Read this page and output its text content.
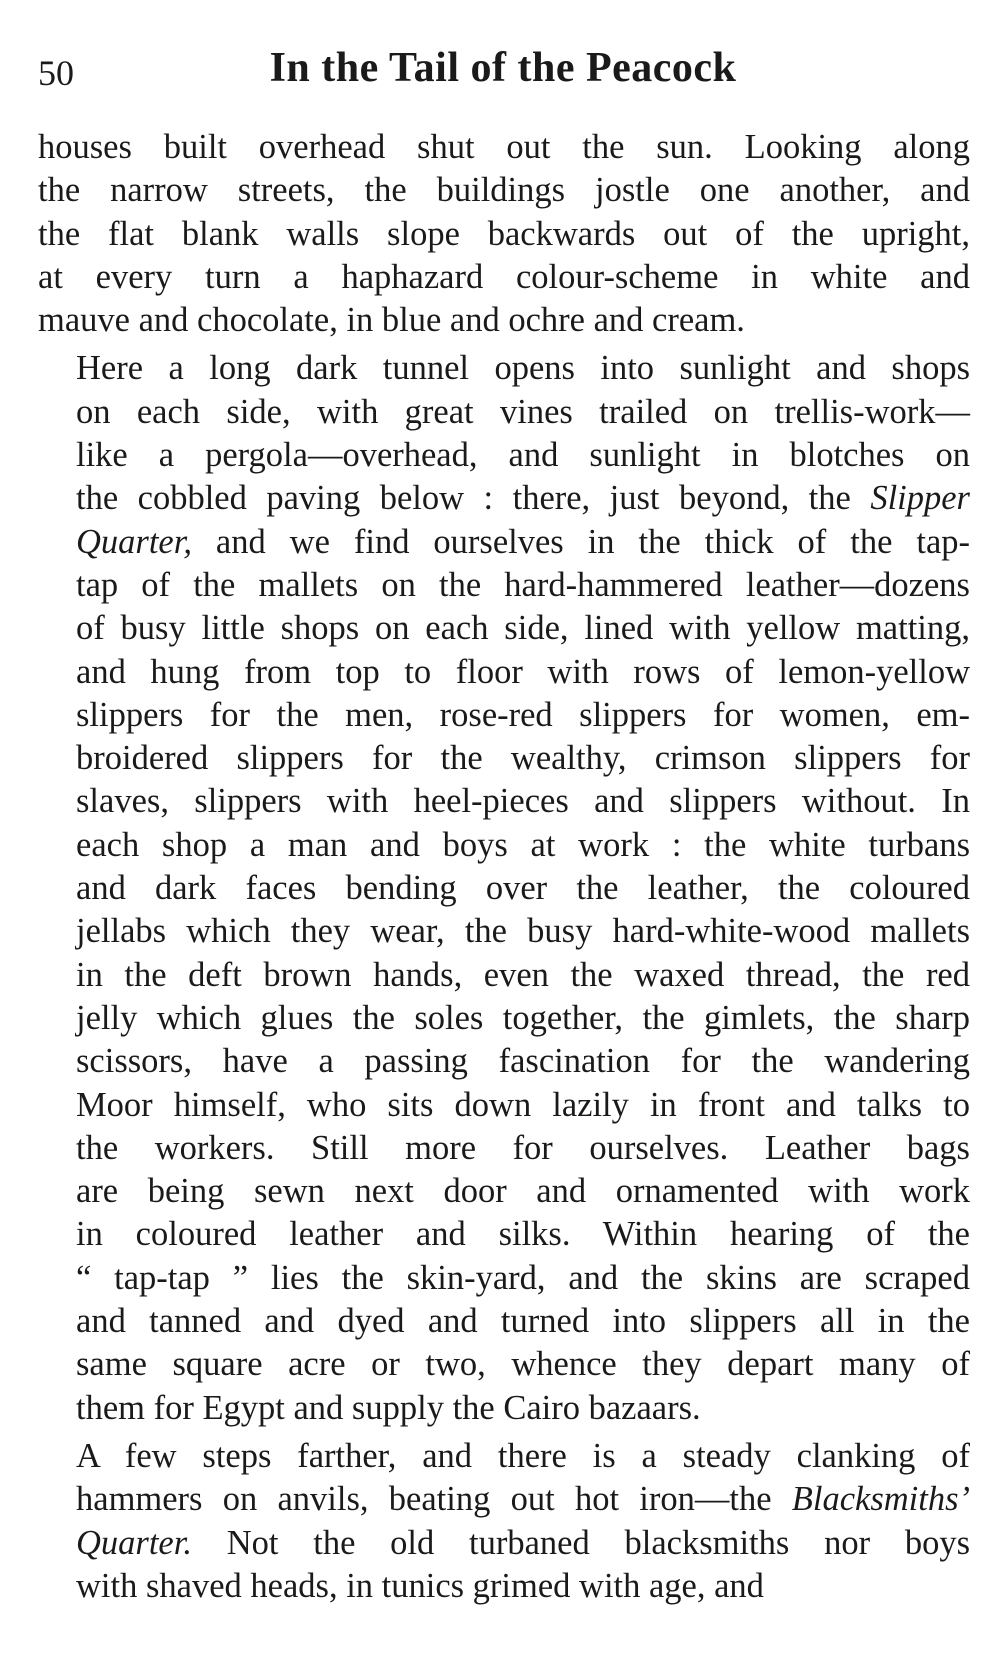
50	In the Tail of the Peacock
houses built overhead shut out the sun. Looking along
the narrow streets, the buildings jostle one another, and
the flat blank walls slope backwards out of the upright,
at every turn a haphazard colour-scheme in white and
mauve and chocolate, in blue and ochre and cream.
Here a long dark tunnel opens into sunlight and shops
on each side, with great vines trailed on trellis-work—
like a pergola—overhead, and sunlight in blotches on
the cobbled paving below : there, just beyond, the Slipper
Quarter, and we find ourselves in the thick of the tap-
tap of the mallets on the hard-hammered leather—dozens
of busy little shops on each side, lined with yellow matting,
and hung from top to floor with rows of lemon-yellow
slippers for the men, rose-red slippers for women, em-
broidered slippers for the wealthy, crimson slippers for
slaves, slippers with heel-pieces and slippers without. In
each shop a man and boys at work : the white turbans
and dark faces bending over the leather, the coloured
jellabs which they wear, the busy hard-white-wood mallets
in the deft brown hands, even the waxed thread, the red
jelly which glues the soles together, the gimlets, the sharp
scissors, have a passing fascination for the wandering
Moor himself, who sits down lazily in front and talks to
the workers. Still more for ourselves. Leather bags
are being sewn next door and ornamented with work
in coloured leather and silks. Within hearing of the
“ tap-tap ” lies the skin-yard, and the skins are scraped
and tanned and dyed and turned into slippers all in the
same square acre or two, whence they depart many of
them for Egypt and supply the Cairo bazaars.
A few steps farther, and there is a steady clanking of
hammers on anvils, beating out hot iron—the Blacksmiths’
Quarter. Not the old turbaned blacksmiths nor boys
with shaved heads, in tunics grimed with age, and
